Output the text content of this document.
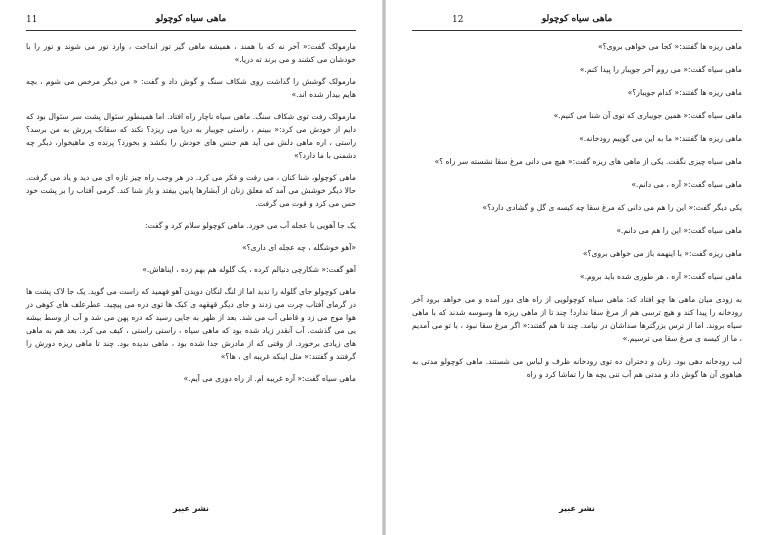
11	ماهی سیاه کوچولو

مارمولک گفت:« آخر نه که با همند ، همیشه ماهی گیر تور انداخت ، وارد تور می شوند و تور را با خودشان می کشند و می برند ته دریا.»

مارمولک گوشش را گذاشت روی شکاف سنگ و گوش داد و گفت: « من دیگر مرخص می شوم ، بچه هایم بیدار شده اند.»

مارمولک رفت توی شکاف سنگ. ماهی سیاه ناچار راه افتاد. اما همینطور سئوال پشت سر سئوال بود که دایم از خودش می کرد:« ببینم ، راستی جویبار به دریا می ریزد؟ نکند که سقانک پررش به من برسد؟ راستی ، اره ماهی دلش می آید هم جنس های خودش را بکشد و بخورد؟ پرنده ی ماهیخوار، دیگر چه دشمنی با ما دارد؟»

ماهی کوچولو، شنا کنان ، می رفت و فکر می کرد. در هر وجب راه چیز تازه ای می دید و یاد می گرفت. حالا دیگر خوشش می آمد که معلق زنان از آبشارها پایین بیفتد و باز شنا کند. گرمی آفتاب را بر پشت خود حس می کرد و قوت می گرفت.

یک جا آهویی با عجله آب می خورد. ماهی کوچولو سلام کرد و گفت:

«آهو خوشگله ، چه عجله ای داری؟»

آهو گفت:« شکارچی دنبالم کرده ، یک گلوله هم بهم زده ، ایناهاش.»

ماهی کوچولو جای گلوله را ندید اما از لنگ لنگان دویدن آهو فهمید که راست می گوید. یک جا لاک پشت ها در گرمای آفتاب چرت می زدند و جای دیگر قهقهه ی کبک ها توی دره می پیچید. عطرعلف های کوهی در هوا موج می زد و قاطی آب می شد. بعد از ظهر به جایی رسید که دره پهن می شد و آب از وسط بیشه یی می گذشت. آب آنقدر زیاد شده بود که ماهی سیاه ، راستی راستی ، کیف می کرد. بعد هم به ماهی های زیادی برخورد. از وقتی که از مادرش جدا شده بود ، ماهی ندیده بود. چند تا ماهی ریزه دورش را گرفتند و گفتند:« مثل اینکه غریبه ای ، ها؟»

ماهی سیاه گفت:« آره غریبه ام. از راه دوری می آیم.»

نشر عبیر
12	ماهی سیاه کوچولو

ماهی ریزه ها گفتند:« کجا می خواهی بروی؟»

ماهی سیاه گفت:« می روم آخر جویبار را پیدا کنم.»

ماهی ریزه ها گفتند:« کدام جویبار؟»

ماهی سیاه گفت:« همین جویباری که توی آن شنا می کنیم.»

ماهی ریزه ها گفتند:« ما به این می گوییم رودخانه.»

ماهی سیاه چیزی نگفت. یکی از ماهی های ریزه گفت:« هیچ می دانی مرغ سقا نشسته سر راه ؟»

ماهی سیاه گفت:« آره ، می دانم.»

یکی دیگر گفت:« این را هم می دانی که مرغ سقا چه کیسه ی گل و گشادی دارد؟»

ماهی سیاه گفت:« این را هم می دانم.»

ماهی ریزه گفت:« با اینهمه باز می خواهی بروی؟»

ماهی سیاه گفت:« آره ، هر طوری شده باید بروم.»

به زودی میان ماهی ها چو افتاد که: ماهی سیاه کوچولویی از راه های دور آمده و می خواهد برود آخر رودخانه را پیدا کند و هیچ ترسی هم از مرغ سقا ندارد! چند تا از ماهی ریزه ها وسوسه شدند که با ماهی سیاه بروند. اما از ترس بزرگترها صداشان در نیامد. چند تا هم گفتند:« اگر مرغ سقا نبود ، با تو می آمدیم ، ما از کیسه ی مرغ سقا می ترسیم.»

لب رودخانه دهی بود. زنان و دختران ده توی رودخانه ظرف و لباس می شستند. ماهی کوچولو مدتی به هیاهوی آن ها گوش داد و مدتی هم آب تنی بچه ها را تماشا کرد و راه

نشر عبیر
